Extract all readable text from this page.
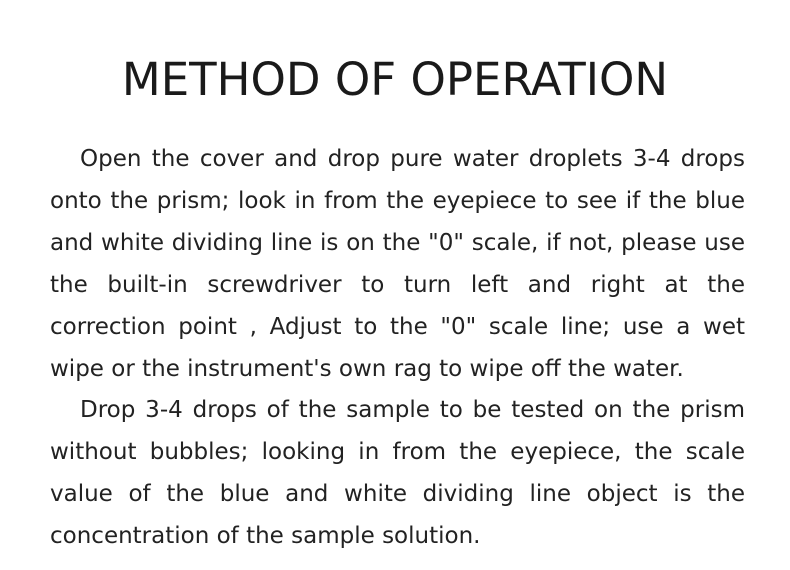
METHOD OF OPERATION

Open the cover and drop pure water droplets 3-4 drops onto the prism; look in from the eyepiece to see if the blue and white dividing line is on the "0" scale, if not, please use the built-in screwdriver to turn left and right at the correction point , Adjust to the "0" scale line; use a wet wipe or the instrument's own rag to wipe off the water.

Drop 3-4 drops of the sample to be tested on the prism without bubbles; looking in from the eyepiece, the scale value of the blue and white dividing line object is the concentration of the sample solution.
